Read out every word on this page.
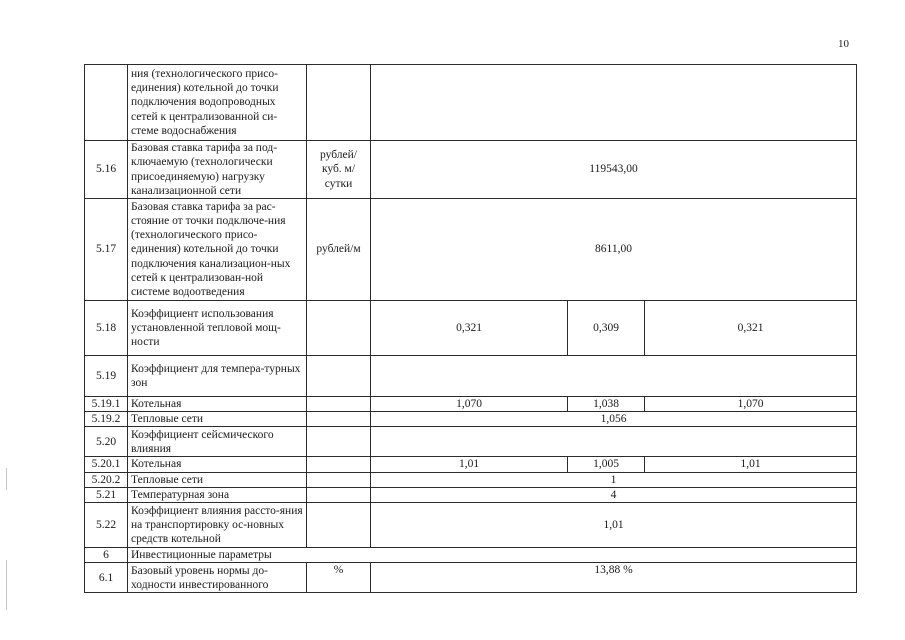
10
	ния (технологического присо-единения) котельной до точки подключения водопроводных сетей к централизованной си-стеме водоснабжения				
5.16	Базовая ставка тарифа за под-ключаемую (технологически присоединяемую) нагрузку канализационной сети	рублей/ куб. м/сутки	119543,00		
5.17	Базовая ставка тарифа за рас-стояние от точки подключе-ния (технологического присо-единения) котельной до точки подключения канализацион-ных сетей к централизован-ной системе водоотведения	рублей/м	8611,00		
5.18	Коэффициент использования установленной тепловой мощ-ности		0,321	0,309	0,321
5.19	Коэффициент для темпера-турных зон				
5.19.1	Котельная		1,070	1,038	1,070
5.19.2	Тепловые сети		1,056		
5.20	Коэффициент сейсмического влияния				
5.20.1	Котельная		1,01	1,005	1,01
5.20.2	Тепловые сети		1		
5.21	Температурная зона		4		
5.22	Коэффициент влияния рассто-яния на транспортировку ос-новных средств котельной		1,01		
6	Инвестиционные параметры				
6.1	Базовый уровень нормы до-ходности инвестированного	%	13,88 %		
